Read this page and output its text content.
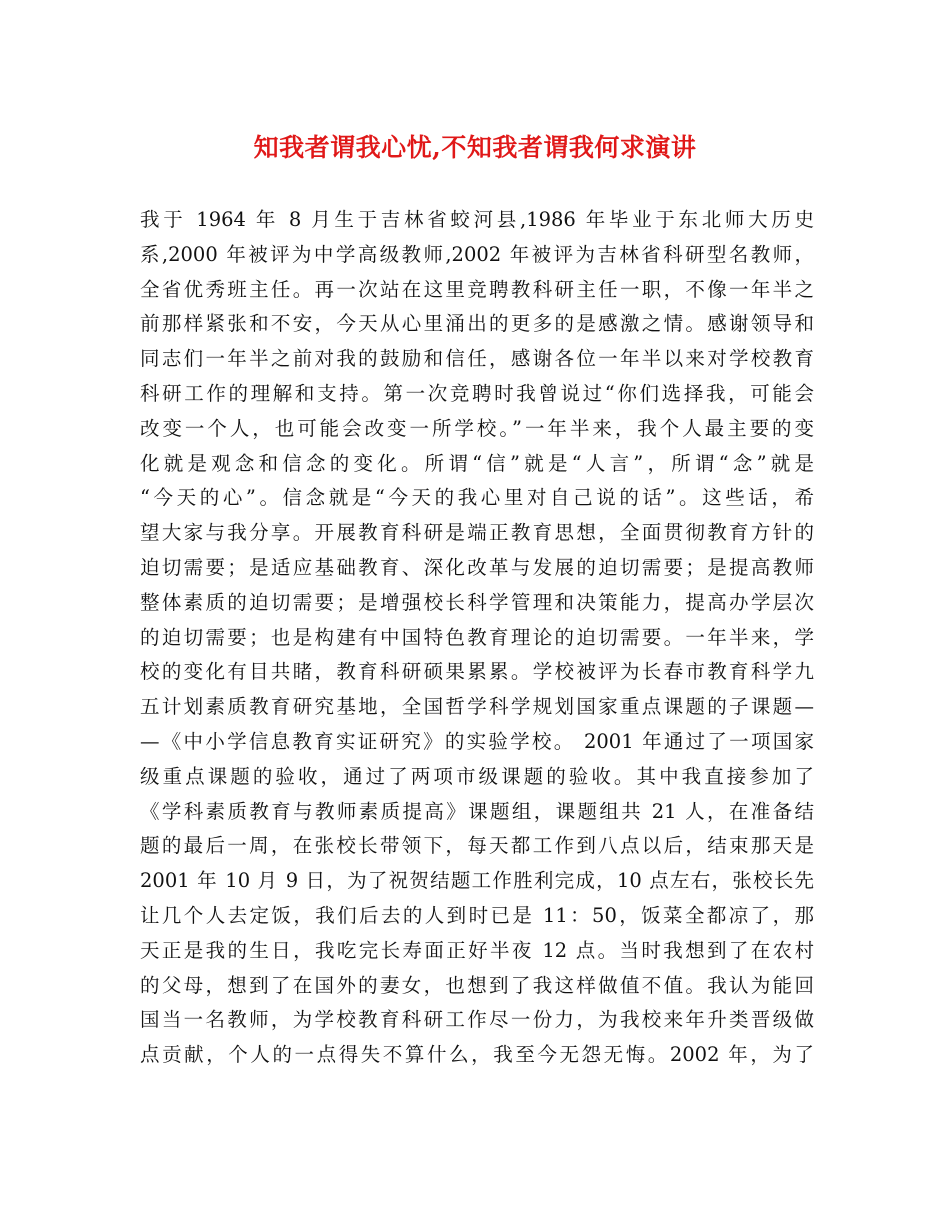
知我者谓我心忧,不知我者谓我何求演讲
我于 1964 年 8 月生于吉林省蛟河县,1986 年毕业于东北师大历史
系,2000 年被评为中学高级教师,2002 年被评为吉林省科研型名教师，
全省优秀班主任。再一次站在这里竞聘教科研主任一职，不像一年半之
前那样紧张和不安，今天从心里涌出的更多的是感激之情。感谢领导和
同志们一年半之前对我的鼓励和信任，感谢各位一年半以来对学校教育
科研工作的理解和支持。第一次竞聘时我曾说过“你们选择我，可能会
改变一个人，也可能会改变一所学校。”一年半来，我个人最主要的变
化就是观念和信念的变化。所谓“信”就是“人言”，所谓“念”就是
“今天的心”。信念就是“今天的我心里对自己说的话”。这些话，希
望大家与我分享。开展教育科研是端正教育思想，全面贯彻教育方针的
迫切需要；是适应基础教育、深化改革与发展的迫切需要；是提高教师
整体素质的迫切需要；是增强校长科学管理和决策能力，提高办学层次
的迫切需要；也是构建有中国特色教育理论的迫切需要。一年半来，学
校的变化有目共睹，教育科研硕果累累。学校被评为长春市教育科学九
五计划素质教育研究基地，全国哲学科学规划国家重点课题的子课题—
—《中小学信息教育实证研究》的实验学校。 2001 年通过了一项国家
级重点课题的验收，通过了两项市级课题的验收。其中我直接参加了
《学科素质教育与教师素质提高》课题组，课题组共 21 人，在准备结
题的最后一周，在张校长带领下，每天都工作到八点以后，结束那天是
2001 年 10 月 9 日，为了祝贺结题工作胜利完成，10 点左右，张校长先
让几个人去定饭，我们后去的人到时已是 11：50，饭菜全都凉了，那
天正是我的生日，我吃完长寿面正好半夜 12 点。当时我想到了在农村
的父母，想到了在国外的妻女，也想到了我这样做值不值。我认为能回
国当一名教师，为学校教育科研工作尽一份力，为我校来年升类晋级做
点贡献，个人的一点得失不算什么，我至今无怨无悔。2002 年，为了
